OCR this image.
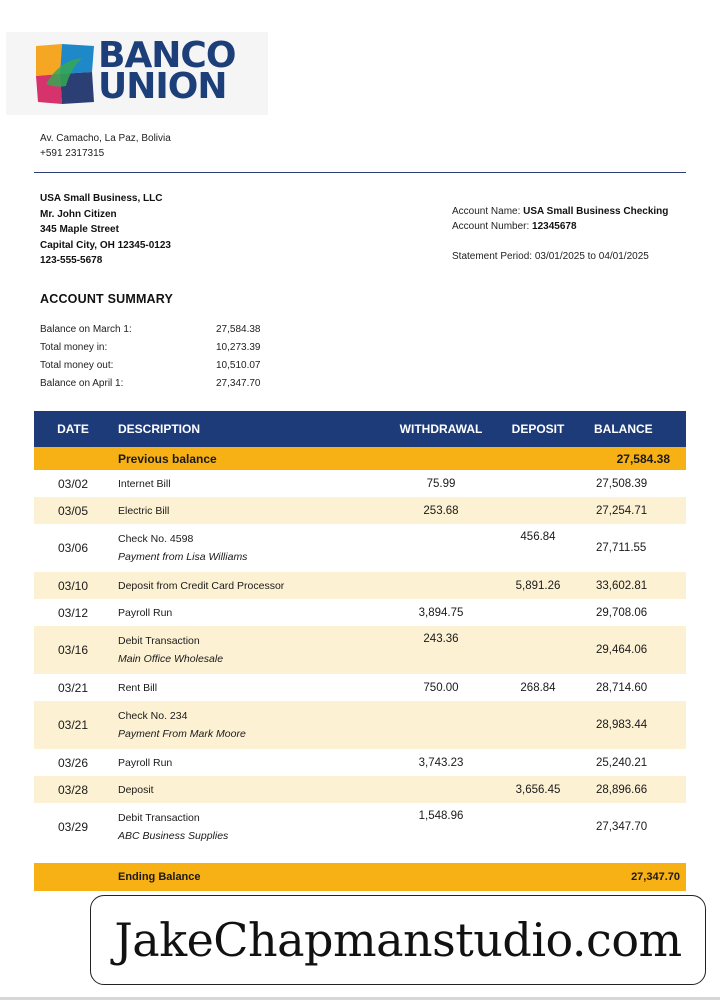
BANCO
UNION
Av. Camacho, La Paz, Bolivia
+591 2317315
USA Small Business, LLC
Mr. John Citizen
345 Maple Street
Capital City, OH 12345-0123
123-555-5678
Account Name: USA Small Business Checking
Account Number: 12345678
Statement Period: 03/01/2025 to 04/01/2025
ACCOUNT SUMMARY
Balance on March 1:	27,584.38
Total money in:	10,273.39
Total money out:	10,510.07
Balance on April 1:	27,347.70
DATE	DESCRIPTION	WITHDRAWAL	DEPOSIT	BALANCE
	Previous balance			27,584.38
03/02	Internet Bill	75.99		27,508.39
03/05	Electric Bill	253.68		27,254.71
03/06	Check No. 4598
Payment from Lisa Williams		456.84	27,711.55
03/10	Deposit from Credit Card Processor		5,891.26	33,602.81
03/12	Payroll Run	3,894.75		29,708.06
03/16	Debit Transaction
Main Office Wholesale	243.36		29,464.06
03/21	Rent Bill	750.00	268.84	28,714.60
03/21	Check No. 234
Payment From Mark Moore			28,983.44
03/26	Payroll Run	3,743.23		25,240.21
03/28	Deposit		3,656.45	28,896.66
03/29	Debit Transaction
ABC Business Supplies	1,548.96		27,347.70

	Ending Balance			27,347.70
JakeChapmanstudio.com
